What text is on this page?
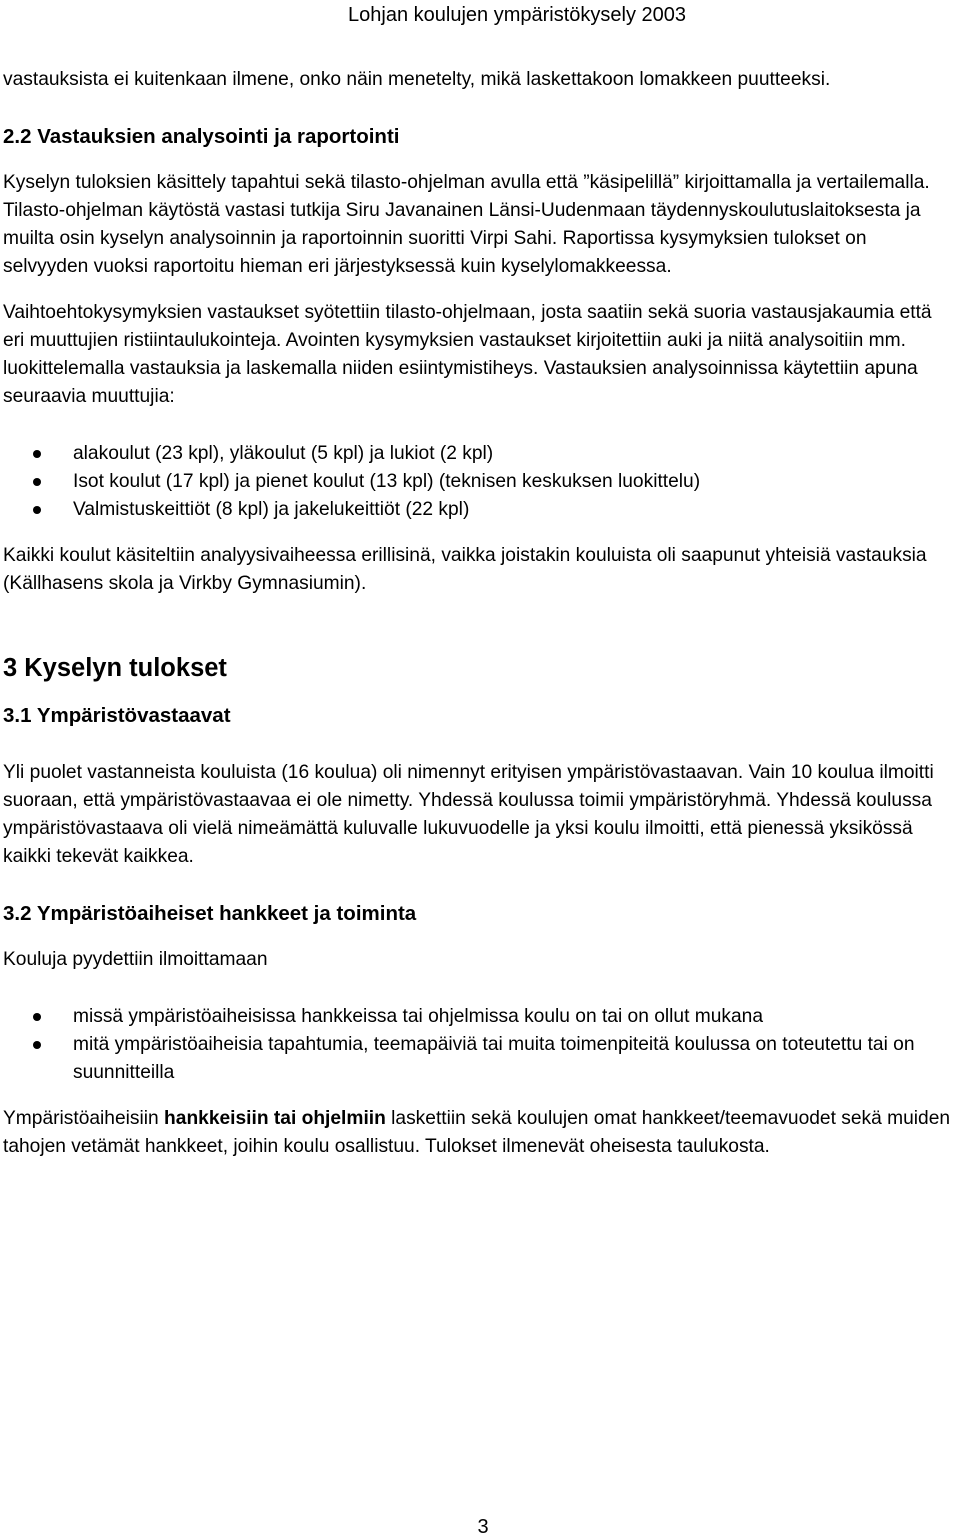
Lohjan koulujen ympäristökysely 2003

vastauksista ei kuitenkaan ilmene, onko näin menetelty, mikä laskettakoon lomakkeen puutteeksi.

2.2 Vastauksien analysointi ja raportointi

Kyselyn tuloksien käsittely tapahtui sekä tilasto-ohjelman avulla että ”käsipelillä” kirjoittamalla ja vertailemalla. Tilasto-ohjelman käytöstä vastasi tutkija Siru Javanainen Länsi-Uudenmaan täydennyskoulutuslaitoksesta ja muilta osin kyselyn analysoinnin ja raportoinnin suoritti Virpi Sahi. Raportissa kysymyksien tulokset on selvyyden vuoksi raportoitu hieman eri järjestyksessä kuin kyselylomakkeessa.

Vaihtoehtokysymyksien vastaukset syötettiin tilasto-ohjelmaan, josta saatiin sekä suoria vastausjakaumia että eri muuttujien ristiintaulukointeja. Avointen kysymyksien vastaukset kirjoitettiin auki ja niitä analysoitiin mm. luokittelemalla vastauksia ja laskemalla niiden esiintymistiheys. Vastauksien analysoinnissa käytettiin apuna seuraavia muuttujia:

alakoulut (23 kpl), yläkoulut (5 kpl) ja lukiot (2 kpl)
Isot koulut (17 kpl) ja pienet koulut (13 kpl) (teknisen keskuksen luokittelu)
Valmistuskeittiöt (8 kpl) ja jakelukeittiöt (22 kpl)

Kaikki koulut käsiteltiin analyysivaiheessa erillisinä, vaikka joistakin kouluista oli saapunut yhteisiä vastauksia (Källhasens skola ja Virkby Gymnasiumin).

3 Kyselyn tulokset
3.1 Ympäristövastaavat

Yli puolet vastanneista kouluista (16 koulua) oli nimennyt erityisen ympäristövastaavan. Vain 10 koulua ilmoitti suoraan, että ympäristövastaavaa ei ole nimetty. Yhdessä koulussa toimii ympäristöryhmä. Yhdessä koulussa ympäristövastaava oli vielä nimeämättä kuluvalle lukuvuodelle ja yksi koulu ilmoitti, että pienessä yksikössä kaikki tekevät kaikkea.

3.2 Ympäristöaiheiset hankkeet ja toiminta

Kouluja pyydettiin ilmoittamaan

missä ympäristöaiheisissa hankkeissa tai ohjelmissa koulu on tai on ollut mukana
mitä ympäristöaiheisia tapahtumia, teemapäiviä tai muita toimenpiteitä koulussa on toteutettu tai on suunnitteilla

Ympäristöaiheisiin hankkeisiin tai ohjelmiin laskettiin sekä koulujen omat hankkeet/teemavuodet sekä muiden tahojen vetämät hankkeet, joihin koulu osallistuu. Tulokset ilmenevät oheisesta taulukosta.

3
